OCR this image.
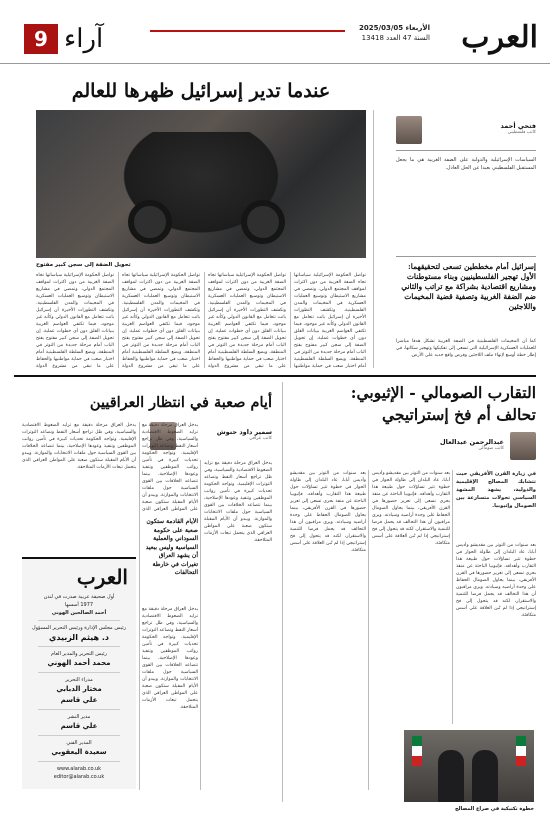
العرب
الأربعاء 2025/03/05
السنة 47 العدد 13418
آراء
9
عندما تدير إسرائيل ظهرها للعالم
فتحي أحمد
كاتب فلسطيني
السياسات الإسرائيلية والدولية على الضفة الغربية هي ما يجعل المستقبل الفلسطيني بعيدا عن الحل العادل.
تحويل الضفة إلى سجن كبير مفتوح
تواصل الحكومة الإسرائيلية سياساتها تجاه الضفة الغربية من دون اكتراث لمواقف المجتمع الدولي، وتمضي في مشاريع الاستيطان وتوسيع العمليات العسكرية في المخيمات والمدن الفلسطينية. وتكشف التطورات الأخيرة أن إسرائيل باتت تتعامل مع القانون الدولي وكأنه غير موجود، فيما تكتفي العواصم الغربية ببيانات القلق دون أي خطوات عملية. إن تحويل الضفة إلى سجن كبير مفتوح يفتح الباب أمام مرحلة جديدة من التوتر في المنطقة، ويضع السلطة الفلسطينية أمام اختبار صعب في حماية مواطنيها والحفاظ على ما تبقى من مشروع الدولة
تواصل الحكومة الإسرائيلية سياساتها تجاه الضفة الغربية من دون اكتراث لمواقف المجتمع الدولي، وتمضي في مشاريع الاستيطان وتوسيع العمليات العسكرية في المخيمات والمدن الفلسطينية. وتكشف التطورات الأخيرة أن إسرائيل باتت تتعامل مع القانون الدولي وكأنه غير موجود، فيما تكتفي العواصم الغربية ببيانات القلق دون أي خطوات عملية. إن تحويل الضفة إلى سجن كبير مفتوح يفتح الباب أمام مرحلة جديدة من التوتر في المنطقة، ويضع السلطة الفلسطينية أمام اختبار صعب في حماية مواطنيها والحفاظ على ما تبقى من مشروع الدولة
تواصل الحكومة الإسرائيلية سياساتها تجاه الضفة الغربية من دون اكتراث لمواقف المجتمع الدولي، وتمضي في مشاريع الاستيطان وتوسيع العمليات العسكرية في المخيمات والمدن الفلسطينية. وتكشف التطورات الأخيرة أن إسرائيل باتت تتعامل مع القانون الدولي وكأنه غير موجود، فيما تكتفي العواصم الغربية ببيانات القلق دون أي خطوات عملية. إن تحويل الضفة إلى سجن كبير مفتوح يفتح الباب أمام مرحلة جديدة من التوتر في المنطقة، ويضع السلطة الفلسطينية أمام اختبار صعب في حماية مواطنيها والحفاظ على ما تبقى من مشروع الدولة
تواصل الحكومة الإسرائيلية سياساتها تجاه الضفة الغربية من دون اكتراث لمواقف المجتمع الدولي، وتمضي في مشاريع الاستيطان وتوسيع العمليات العسكرية في المخيمات والمدن الفلسطينية. وتكشف التطورات الأخيرة أن إسرائيل باتت تتعامل مع القانون الدولي وكأنه غير موجود، فيما تكتفي العواصم الغربية ببيانات القلق دون أي خطوات عملية. إن تحويل الضفة إلى سجن كبير مفتوح يفتح الباب أمام مرحلة جديدة من التوتر في المنطقة، ويضع السلطة الفلسطينية أمام اختبار صعب في حماية مواطنيها
إسرائيل أمام مخططين تسعى لتحقيقهما: الأول تهجير الفلسطينيين وبناء مستوطنات ومشاريع اقتصادية بشراكة مع تراتب والثاني ضم الضفة الغربية وتصفية قضية المخيمات واللاجئين
كما أن المخيمات الفلسطينية في الضفة الغربية تشكل هدفا مباشرا للعمليات العسكرية الإسرائيلية التي تسعى إلى تفكيكها وتهجير سكانها، في إطار خطة أوسع لإنهاء ملف اللاجئين وفرض واقع جديد على الأرض.
التقارب الصومالي - الإثيوبي:
تحالف أم فخ إستراتيجي
عبدالرحمن عبدالعال
كاتب صومالي
في زيارة القرن الأفريقي حيث تتشابك المصالح الإقليمية والدولية، يشهد المشهد السياسي تحولات متسارعة بين الصومال وإثيوبيا.
بعد سنوات من التوتر بين مقديشو وأديس أبابا، عاد البلدان إلى طاولة الحوار في خطوة تثير تساؤلات حول طبيعة هذا التقارب وأهدافه. فإثيوبيا الباحثة عن منفذ بحري تسعى إلى تعزيز حضورها في القرن الأفريقي، بينما يحاول الصومال الحفاظ على وحدة أراضيه وسيادته. ويرى مراقبون أن هذا التحالف قد يحمل فرصا للتنمية والاستقرار، لكنه قد يتحول إلى فخ إستراتيجي إذا لم تُبن العلاقة على أسس متكافئة.
بعد سنوات من التوتر بين مقديشو وأديس أبابا، عاد البلدان إلى طاولة الحوار في خطوة تثير تساؤلات حول طبيعة هذا التقارب وأهدافه. فإثيوبيا الباحثة عن منفذ بحري تسعى إلى تعزيز حضورها في القرن الأفريقي، بينما يحاول الصومال الحفاظ على وحدة أراضيه وسيادته. ويرى مراقبون أن هذا التحالف قد يحمل فرصا للتنمية والاستقرار، لكنه قد يتحول إلى فخ إستراتيجي إذا لم تُبن العلاقة على أسس متكافئة.
بعد سنوات من التوتر بين مقديشو وأديس أبابا، عاد البلدان إلى طاولة الحوار في خطوة تثير تساؤلات حول طبيعة هذا التقارب وأهدافه. فإثيوبيا الباحثة عن منفذ بحري تسعى إلى تعزيز حضورها في القرن الأفريقي، بينما يحاول الصومال الحفاظ على وحدة أراضيه وسيادته. ويرى مراقبون أن هذا التحالف قد يحمل فرصا للتنمية والاستقرار، لكنه قد يتحول إلى فخ إستراتيجي إذا لم تُبن العلاقة على أسس متكافئة.
خطوة تكتيكية في صراع المصالح
أيام صعبة في انتظار العراقيين
سمير داود حنوش
كاتب عراقي
يدخل العراق مرحلة دقيقة مع تزايد الضغوط الاقتصادية والسياسية، وفي ظل تراجع أسعار النفط وتصاعد التوترات الإقليمية. وتواجه الحكومة تحديات كبيرة في تأمين رواتب الموظفين وتنفيذ وعودها الإصلاحية، بينما تتصاعد الخلافات بين القوى السياسية حول ملفات الانتخابات والموازنة. ويبدو أن الأيام المقبلة ستكون صعبة على المواطن العراقي الذي يتحمل تبعات الأزمات المتلاحقة.
يدخل العراق مرحلة دقيقة مع تزايد الضغوط الاقتصادية والسياسية، وفي ظل تراجع أسعار النفط وتصاعد التوترات الإقليمية. وتواجه الحكومة تحديات كبيرة في تأمين رواتب الموظفين وتنفيذ وعودها الإصلاحية، بينما تتصاعد الخلافات بين القوى السياسية حول ملفات الانتخابات والموازنة. ويبدو أن الأيام المقبلة ستكون صعبة على المواطن العراقي الذي
الأيام القادمة ستكون صعبة على حكومة السوداني والعملية السياسية وليس ببعيد أن يشهد العراق تغيرات في خارطة التحالفات
يدخل العراق مرحلة دقيقة مع تزايد الضغوط الاقتصادية والسياسية، وفي ظل تراجع أسعار النفط وتصاعد التوترات الإقليمية. وتواجه الحكومة تحديات كبيرة في تأمين رواتب الموظفين وتنفيذ وعودها الإصلاحية، بينما تتصاعد الخلافات بين القوى السياسية حول ملفات الانتخابات والموازنة. ويبدو أن الأيام المقبلة ستكون صعبة على المواطن العراقي الذي يتحمل تبعات الأزمات المتلاحقة.
يدخل العراق مرحلة دقيقة مع تزايد الضغوط الاقتصادية والسياسية، وفي ظل تراجع أسعار النفط وتصاعد التوترات الإقليمية. وتواجه الحكومة تحديات كبيرة في تأمين رواتب الموظفين وتنفيذ وعودها الإصلاحية، بينما تتصاعد الخلافات بين القوى السياسية حول ملفات الانتخابات والموازنة. ويبدو أن الأيام المقبلة ستكون صعبة على المواطن العراقي الذي يتحمل تبعات الأزمات المتلاحقة.
العرب
أول صحيفة عربية صدرت في لندن
1977 أسسها
أحمد الصالحين الهوني
رئيس مجلس الإدارة ورئيس التحرير المسؤول
د. هيثم الزبيدي
رئيس التحرير والمدير العام
محمد أحمد الهوني
مدراء التحرير
مختار الدبابي
علي قاسم
مدير النشر
علي قاسم
المدير الفني
سعيدة اليعقوبي
www.alarab.co.uk
editor@alarab.co.uk
